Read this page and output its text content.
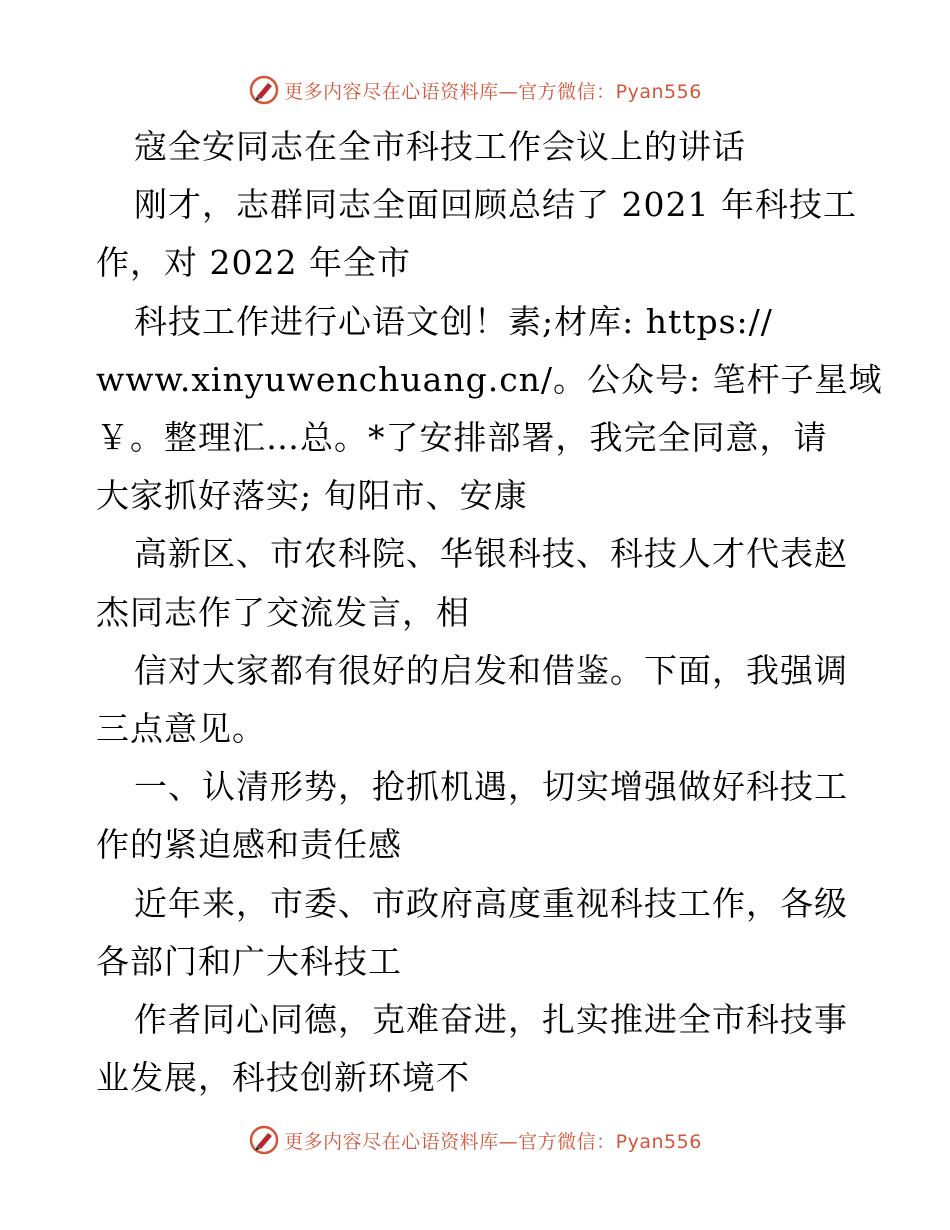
更多内容尽在心语资料库—官方微信：Pyan556

寇全安同志在全市科技工作会议上的讲话

刚才，志群同志全面回顾总结了 2021 年科技工

作，对 2022 年全市

科技工作进行心语文创！素;材库: https://

www.xinyuwenchuang.cn/。公众号: 笔杆子星域

￥。整理汇…总。*了安排部署，我完全同意，请

大家抓好落实; 旬阳市、安康

高新区、市农科院、华银科技、科技人才代表赵

杰同志作了交流发言，相

信对大家都有很好的启发和借鉴。下面，我强调

三点意见。

一、认清形势，抢抓机遇，切实增强做好科技工

作的紧迫感和责任感

近年来，市委、市政府高度重视科技工作，各级

各部门和广大科技工

作者同心同德，克难奋进，扎实推进全市科技事

业发展，科技创新环境不

更多内容尽在心语资料库—官方微信：Pyan556
